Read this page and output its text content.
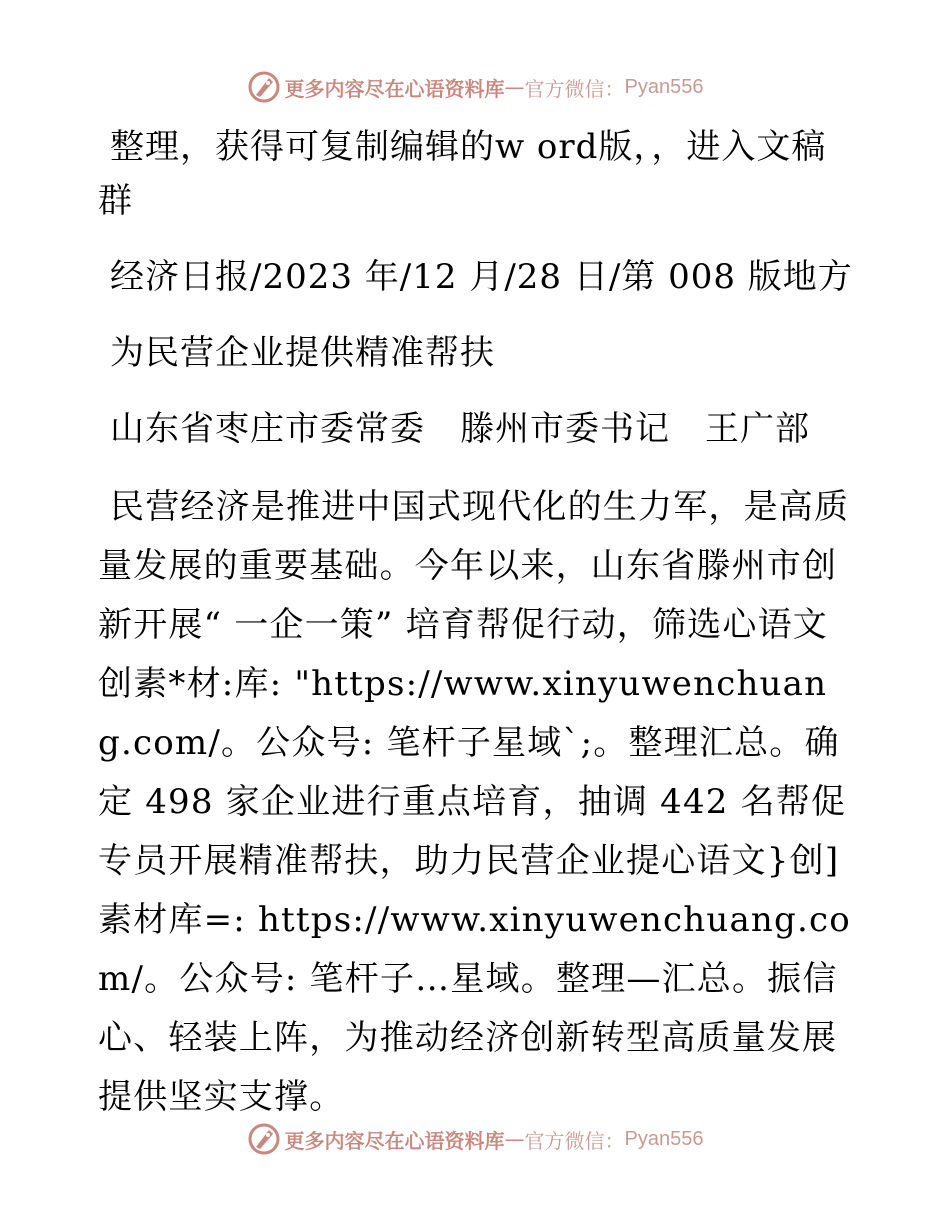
更多内容尽在心语资料库 — 官方微信： Pyan556

整理，获得可复制编辑的w ord版，，进入文稿群

经济日报/2023 年/12 月/28 日/第 008 版地方

为民营企业提供精准帮扶

山东省枣庄市委常委　滕州市委书记　王广部

民营经济是推进中国式现代化的生力军，是高质量发展的重要基础。今年以来，山东省滕州市创新开展“ 一企一策” 培育帮促行动，筛选心语文创素*材:库: "https://www.xinyuwenchuang.com/。公众号: 笔杆子星域`;。整理汇总。确定 498 家企业进行重点培育，抽调 442 名帮促专员开展精准帮扶，助力民营企业提心语文}创]素材库=: https://www.xinyuwenchuang.com/。公众号: 笔杆子…星域。整理—汇总。振信心、轻装上阵，为推动经济创新转型高质量发展提供坚实支撑。

更多内容尽在心语资料库 — 官方微信： Pyan556
